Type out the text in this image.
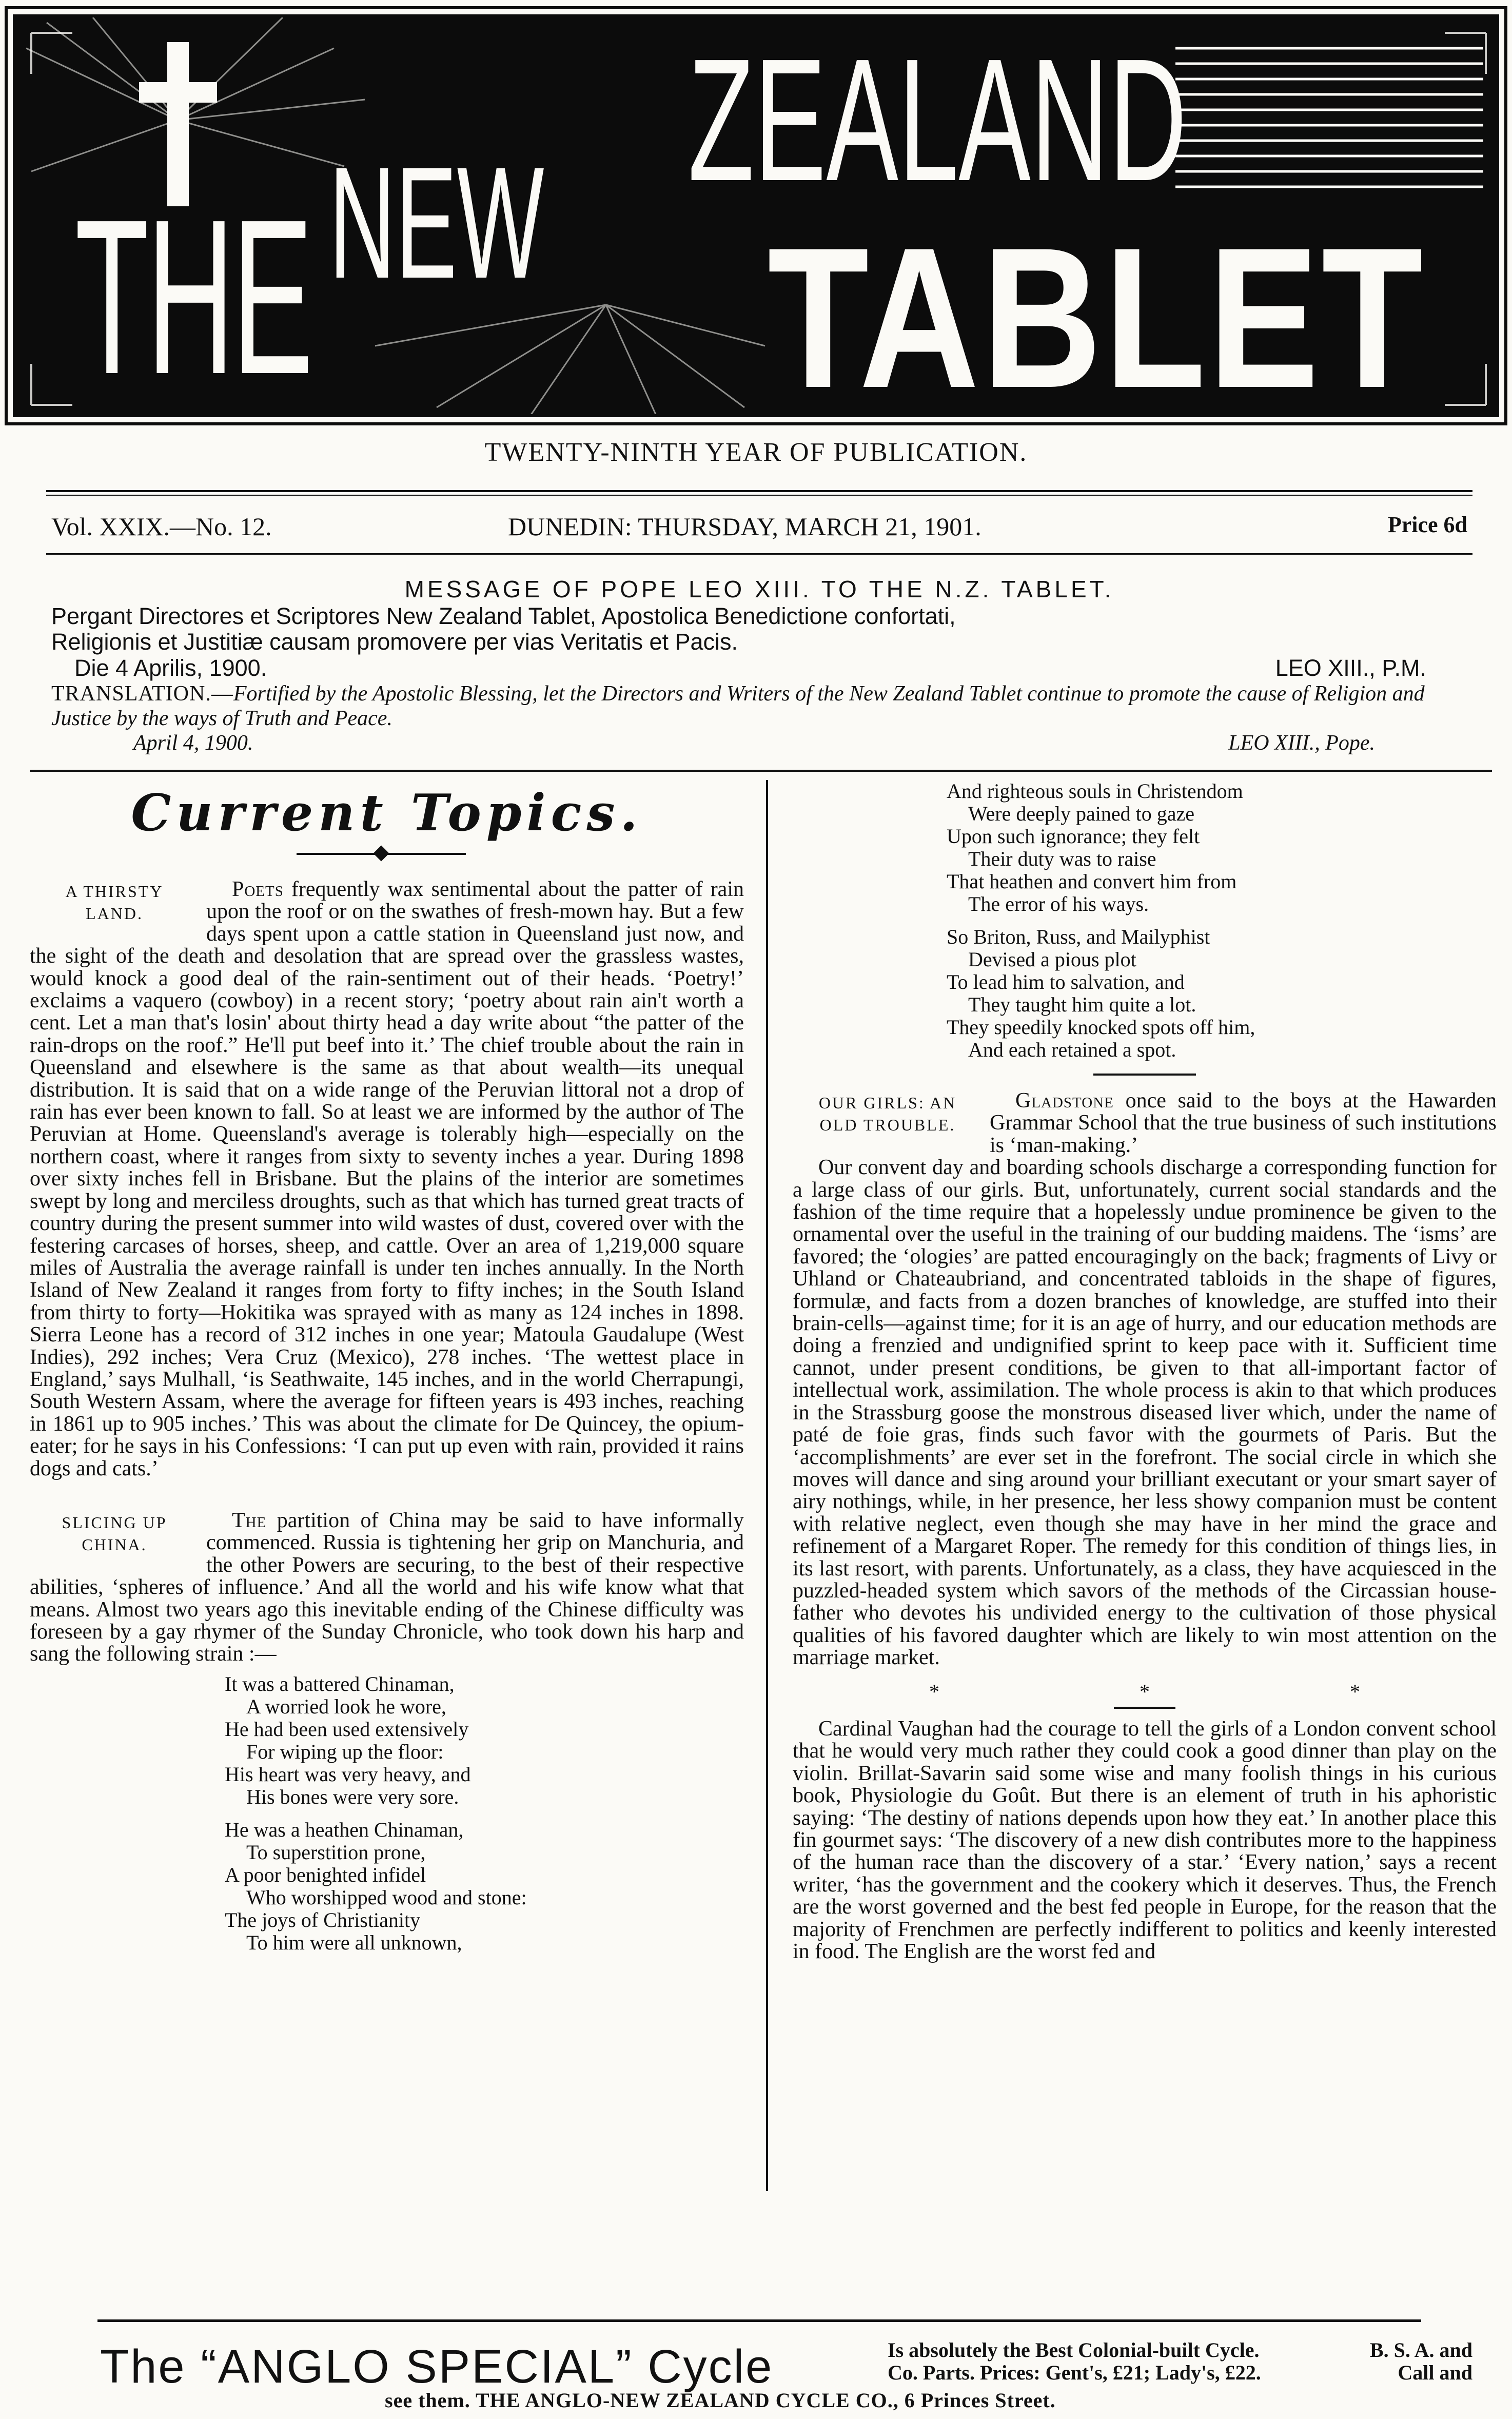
THE NEW
ZEALAND
TABLET
TWENTY-NINTH YEAR OF PUBLICATION.
Vol. XXIX.—No. 12.	DUNEDIN: THURSDAY, MARCH 21, 1901.	Price 6d
MESSAGE OF POPE LEO XIII. TO THE N.Z. TABLET.
Pergant Directores et Scriptores New Zealand Tablet, Apostolica Benedictione confortati,
Religionis et Justitiæ causam promovere per vias Veritatis et Pacis.
Die 4 Aprilis, 1900.	LEO XIII., P.M.
TRANSLATION.—Fortified by the Apostolic Blessing, let the Directors and Writers of the New Zealand Tablet continue to promote the cause of Religion and Justice by the ways of Truth and Peace.
April 4, 1900.	LEO XIII., Pope.
Current Topics.
A THIRSTY
LAND.

Poets frequently wax sentimental about the patter of rain upon the roof or on the swathes of fresh-mown hay. But a few days spent upon a cattle station in Queensland just now, and the sight of the death and desolation that are spread over the grassless wastes, would knock a good deal of the rain-sentiment out of their heads. ‘Poetry!’ exclaims a vaquero (cowboy) in a recent story; ‘poetry about rain ain't worth a cent. Let a man that's losin' about thirty head a day write about “the patter of the rain-drops on the roof.” He'll put beef into it.’ The chief trouble about the rain in Queensland and elsewhere is the same as that about wealth—its unequal distribution. It is said that on a wide range of the Peruvian littoral not a drop of rain has ever been known to fall. So at least we are informed by the author of The Peruvian at Home. Queensland's average is tolerably high—especially on the northern coast, where it ranges from sixty to seventy inches a year. During 1898 over sixty inches fell in Brisbane. But the plains of the interior are sometimes swept by long and merciless droughts, such as that which has turned great tracts of country during the present summer into wild wastes of dust, covered over with the festering carcases of horses, sheep, and cattle. Over an area of 1,219,000 square miles of Australia the average rainfall is under ten inches annually. In the North Island of New Zealand it ranges from forty to fifty inches; in the South Island from thirty to forty—Hokitika was sprayed with as many as 124 inches in 1898. Sierra Leone has a record of 312 inches in one year; Matoula Gaudalupe (West Indies), 292 inches; Vera Cruz (Mexico), 278 inches. ‘The wettest place in England,’ says Mulhall, ‘is Seathwaite, 145 inches, and in the world Cherrapungi, South Western Assam, where the average for fifteen years is 493 inches, reaching in 1861 up to 905 inches.’ This was about the climate for De Quincey, the opium-eater; for he says in his Confessions: ‘I can put up even with rain, provided it rains dogs and cats.’

SLICING UP
CHINA.

The partition of China may be said to have informally commenced. Russia is tightening her grip on Manchuria, and the other Powers are securing, to the best of their respective abilities, ‘spheres of influence.’ And all the world and his wife know what that means. Almost two years ago this inevitable ending of the Chinese difficulty was foreseen by a gay rhymer of the Sunday Chronicle, who took down his harp and sang the following strain :—

It was a battered Chinaman,
A worried look he wore,
He had been used extensively
For wiping up the floor:
His heart was very heavy, and
His bones were very sore.
He was a heathen Chinaman,
To superstition prone,
A poor benighted infidel
Who worshipped wood and stone:
The joys of Christianity
To him were all unknown,
And righteous souls in Christendom
Were deeply pained to gaze
Upon such ignorance; they felt
Their duty was to raise
That heathen and convert him from
The error of his ways.
So Briton, Russ, and Mailyphist
Devised a pious plot
To lead him to salvation, and
They taught him quite a lot.
They speedily knocked spots off him,
And each retained a spot.
OUR GIRLS: AN
OLD TROUBLE.

Gladstone once said to the boys at the Hawarden Grammar School that the true business of such institutions is ‘man-making.’

Our convent day and boarding schools discharge a corresponding function for a large class of our girls. But, unfortunately, current social standards and the fashion of the time require that a hopelessly undue prominence be given to the ornamental over the useful in the training of our budding maidens. The ‘isms’ are favored; the ‘ologies’ are patted encouragingly on the back; fragments of Livy or Uhland or Chateaubriand, and concentrated tabloids in the shape of figures, formulæ, and facts from a dozen branches of knowledge, are stuffed into their brain-cells—against time; for it is an age of hurry, and our education methods are doing a frenzied and undignified sprint to keep pace with it. Sufficient time cannot, under present conditions, be given to that all-important factor of intellectual work, assimilation. The whole process is akin to that which produces in the Strassburg goose the monstrous diseased liver which, under the name of paté de foie gras, finds such favor with the gourmets of Paris. But the ‘accomplishments’ are ever set in the forefront. The social circle in which she moves will dance and sing around your brilliant executant or your smart sayer of airy nothings, while, in her presence, her less showy companion must be content with relative neglect, even though she may have in her mind the grace and refinement of a Margaret Roper. The remedy for this condition of things lies, in its last resort, with parents. Unfortunately, as a class, they have acquiesced in the puzzled-headed system which savors of the methods of the Circassian house-father who devotes his undivided energy to the cultivation of those physical qualities of his favored daughter which are likely to win most attention on the marriage market.

* * *

Cardinal Vaughan had the courage to tell the girls of a London convent school that he would very much rather they could cook a good dinner than play on the violin. Brillat-Savarin said some wise and many foolish things in his curious book, Physiologie du Goût. But there is an element of truth in his aphoristic saying: ‘The destiny of nations depends upon how they eat.’ In another place this fin gourmet says: ‘The discovery of a new dish contributes more to the happiness of the human race than the discovery of a star.’ ‘Every nation,’ says a recent writer, ‘has the government and the cookery which it deserves. Thus, the French are the worst governed and the best fed people in Europe, for the reason that the majority of Frenchmen are perfectly indifferent to politics and keenly interested in food. The English are the worst fed and

The “ANGLO SPECIAL” Cycle	Is absolutely the Best Colonial-built Cycle.	B. S. A. and
Co. Parts. Prices: Gent's, £21; Lady's, £22.	Call and
see them. THE ANGLO-NEW ZEALAND CYCLE CO., 6 Princes Street.
